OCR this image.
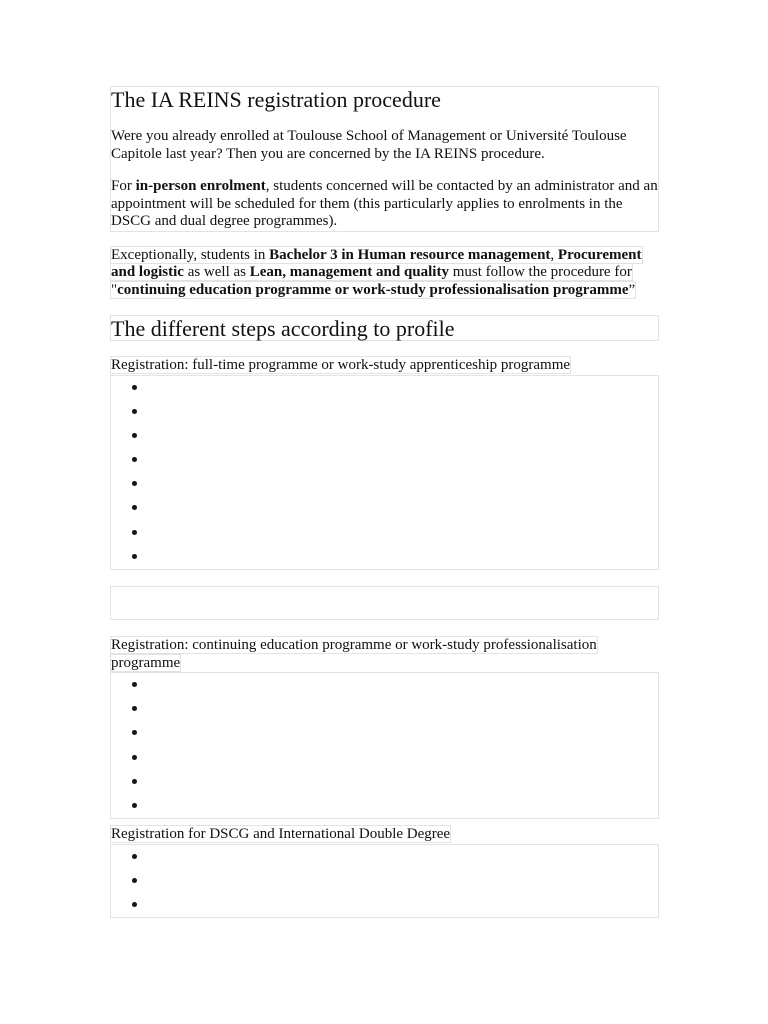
The IA REINS registration procedure

Were you already enrolled at Toulouse School of Management or Université Toulouse Capitole last year? Then you are concerned by the IA REINS procedure.

For in-person enrolment, students concerned will be contacted by an administrator and an appointment will be scheduled for them (this particularly applies to enrolments in the DSCG and dual degree programmes).

Exceptionally, students in Bachelor 3 in Human resource management, Procurement and logistic as well as Lean, management and quality must follow the procedure for "continuing education programme or work-study professionalisation programme”
The different steps according to profile
Registration: full-time programme or work-study apprenticeship programme
Registration: continuing education programme or work-study professionalisation programme
Registration for DSCG and International Double Degree
